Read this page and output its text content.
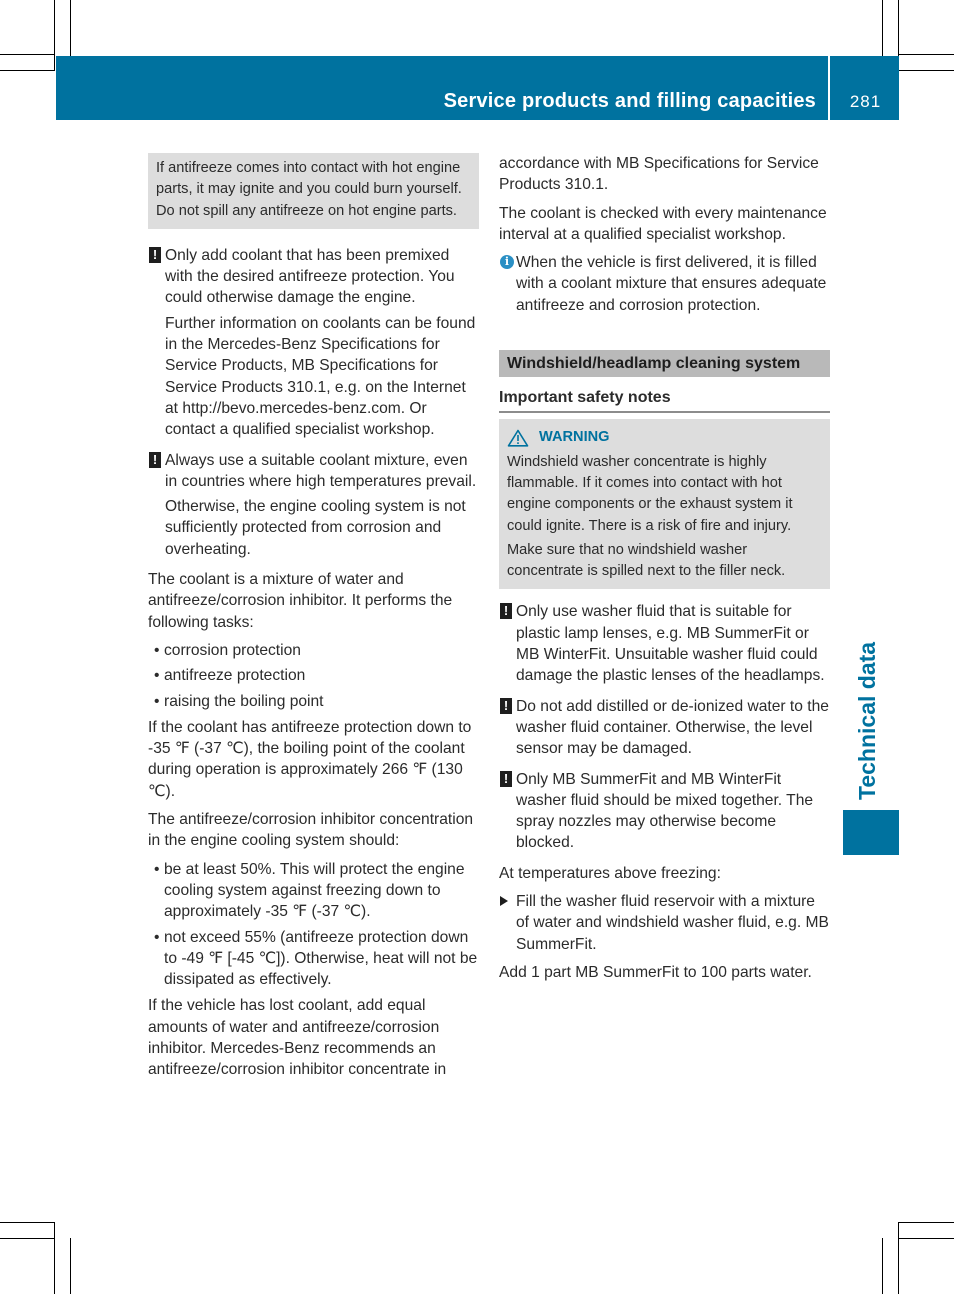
Service products and filling capacities	281
Technical data

If antifreeze comes into contact with hot engine parts, it may ignite and you could burn yourself. Do not spill any antifreeze on hot engine parts.

! Only add coolant that has been premixed with the desired antifreeze protection. You could otherwise damage the engine.

Further information on coolants can be found in the Mercedes-Benz Specifications for Service Products, MB Specifications for Service Products 310.1, e.g. on the Internet at http://bevo.mercedes-benz.com. Or contact a qualified specialist workshop.

! Always use a suitable coolant mixture, even in countries where high temperatures prevail.

Otherwise, the engine cooling system is not sufficiently protected from corrosion and overheating.

The coolant is a mixture of water and antifreeze/corrosion inhibitor. It performs the following tasks:

• corrosion protection
• antifreeze protection
• raising the boiling point

If the coolant has antifreeze protection down to -35 ℉ (-37 ℃), the boiling point of the coolant during operation is approximately 266 ℉ (130 ℃).

The antifreeze/corrosion inhibitor concentration in the engine cooling system should:

• be at least 50%. This will protect the engine cooling system against freezing down to approximately -35 ℉ (-37 ℃).
• not exceed 55% (antifreeze protection down to -49 ℉ [-45 ℃]). Otherwise, heat will not be dissipated as effectively.

If the vehicle has lost coolant, add equal amounts of water and antifreeze/corrosion inhibitor. Mercedes-Benz recommends an antifreeze/corrosion inhibitor concentrate in

accordance with MB Specifications for Service Products 310.1.

The coolant is checked with every maintenance interval at a qualified specialist workshop.

i When the vehicle is first delivered, it is filled with a coolant mixture that ensures adequate antifreeze and corrosion protection.

Windshield/headlamp cleaning system
Important safety notes
WARNING

Windshield washer concentrate is highly flammable. If it comes into contact with hot engine components or the exhaust system it could ignite. There is a risk of fire and injury.

Make sure that no windshield washer concentrate is spilled next to the filler neck.

! Only use washer fluid that is suitable for plastic lamp lenses, e.g. MB SummerFit or MB WinterFit. Unsuitable washer fluid could damage the plastic lenses of the headlamps.

! Do not add distilled or de-ionized water to the washer fluid container. Otherwise, the level sensor may be damaged.

! Only MB SummerFit and MB WinterFit washer fluid should be mixed together. The spray nozzles may otherwise become blocked.

At temperatures above freezing:

Fill the washer fluid reservoir with a mixture of water and windshield washer fluid, e.g. MB SummerFit.

Add 1 part MB SummerFit to 100 parts water.
